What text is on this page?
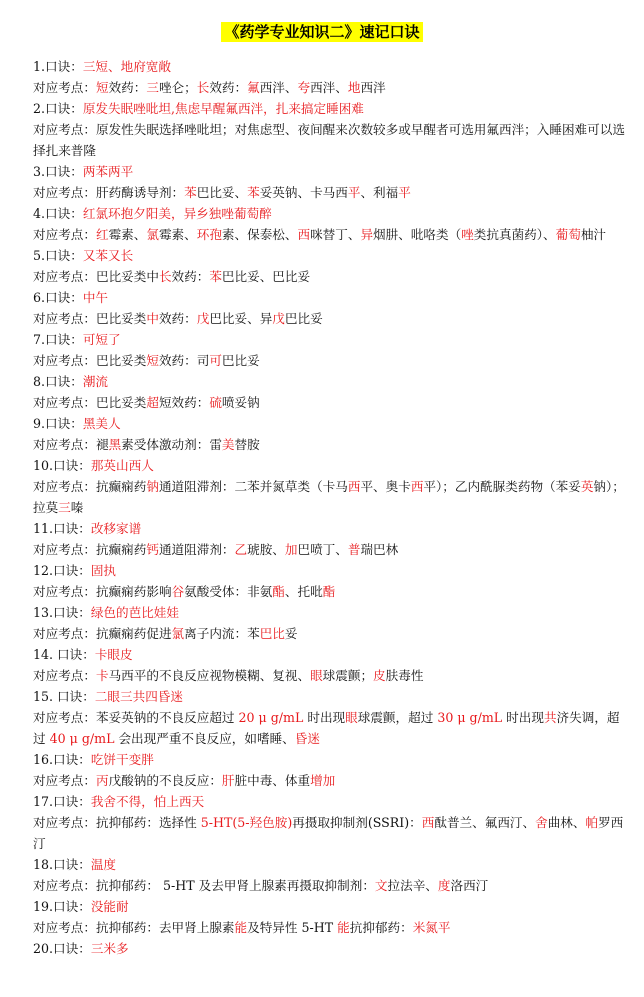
《药学专业知识二》速记口诀
1.口诀：三短、地府宽敞
对应考点：短效药：三唑仑；长效药：氟西泮、夸西泮、地西泮
2.口诀：原发失眠唑吡坦,焦虑早醒氟西泮，扎来搞定睡困难
对应考点：原发性失眠选择唑吡坦；对焦虑型、夜间醒来次数较多或早醒者可选用氟西泮；入睡困难可以选择扎来普隆
3.口诀：两苯两平
对应考点：肝药酶诱导剂：苯巴比妥、苯妥英钠、卡马西平、利福平
4.口诀：红氯环抱夕阳美，异乡独唑葡萄醉
对应考点：红霉素、氯霉素、环孢素、保泰松、西咪替丁、异烟肼、吡咯类（唑类抗真菌药）、葡萄柚汁
5.口诀：又苯又长
对应考点：巴比妥类中长效药：苯巴比妥、巴比妥
6.口诀：中午
对应考点：巴比妥类中效药：戊巴比妥、异戊巴比妥
7.口诀：可短了
对应考点：巴比妥类短效药：司可巴比妥
8.口诀：潮流
对应考点：巴比妥类超短效药：硫喷妥钠
9.口诀：黑美人
对应考点：褪黑素受体激动剂：雷美替胺
10.口诀：那英山西人
对应考点：抗癫痫药钠通道阻滞剂：二苯并氮草类（卡马西平、奥卡西平）；乙内酰脲类药物（苯妥英钠）；拉莫三嗪
11.口诀：改移家谱
对应考点：抗癫痫药钙通道阻滞剂：乙琥胺、加巴喷丁、普瑞巴林
12.口诀：固执
对应考点：抗癫痫药影响谷氨酸受体：非氨酯、托吡酯
13.口诀：绿色的芭比娃娃
对应考点：抗癫痫药促进氯离子内流：苯巴比妥
14. 口诀：卡眼皮
对应考点：卡马西平的不良反应视物模糊、复视、眼球震颤；皮肤毒性
15. 口诀：二眼三共四昏迷
对应考点：苯妥英钠的不良反应超过 20 μ g/mL 时出现眼球震颤，超过 30 μ g/mL 时出现共济失调，超过 40 μ g/mL 会出现严重不良反应，如嗜睡、昏迷
16.口诀：吃饼干变胖
对应考点：丙戊酸钠的不良反应：肝脏中毒、体重增加
17.口诀：我舍不得，怕上西天
对应考点：抗抑郁药：选择性 5-HT(5-羟色胺)再摄取抑制剂(SSRI)：西酞普兰、氟西汀、舍曲林、帕罗西汀
18.口诀：温度
对应考点：抗抑郁药： 5-HT 及去甲肾上腺素再摄取抑制剂：文拉法辛、度洛西汀
19.口诀：没能耐
对应考点：抗抑郁药：去甲肾上腺素能及特异性 5-HT 能抗抑郁药：米氮平
20.口诀：三米多
